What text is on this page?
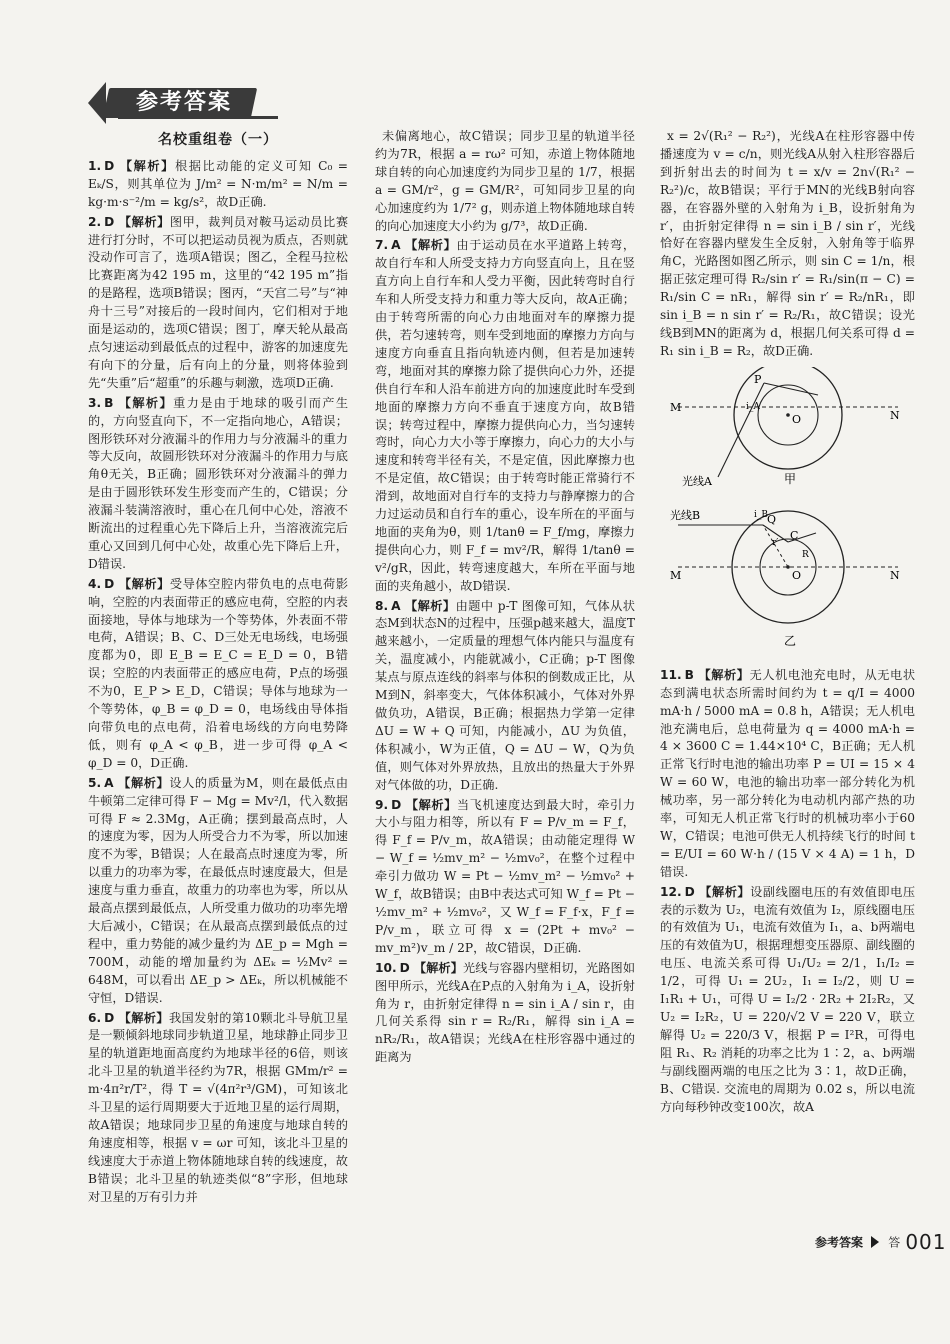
参考答案
名校重组卷（一）
1. D 【解析】根据比动能的定义可知 C₀ = Eₖ/S，则其单位为 J/m² = N·m/m² = N/m = kg·m·s⁻²/m = kg/s²，故D正确.
2. D 【解析】图甲，裁判员对鞍马运动员比赛进行打分时，不可以把运动员视为质点，否则就没动作可言了，选项A错误；图乙，全程马拉松比赛距离为42 195 m，这里的“42 195 m”指的是路程，选项B错误；图丙，“天宫二号”与“神舟十三号”对接后的一段时间内，它们相对于地面是运动的，选项C错误；图丁，摩天轮从最高点匀速运动到最低点的过程中，游客的加速度先有向下的分量，后有向上的分量，则将体验到先“失重”后“超重”的乐趣与刺激，选项D正确.
3. B 【解析】重力是由于地球的吸引而产生的，方向竖直向下，不一定指向地心，A错误；图形铁环对分液漏斗的作用力与分液漏斗的重力等大反向，故圆形铁环对分液漏斗的作用力与底角θ无关，B正确；圆形铁环对分液漏斗的弹力是由于圆形铁环发生形变而产生的，C错误；分液漏斗装满溶液时，重心在几何中心处，溶液不断流出的过程重心先下降后上升，当溶液流完后重心又回到几何中心处，故重心先下降后上升，D错误.
4. D 【解析】受导体空腔内带负电的点电荷影响，空腔的内表面带正的感应电荷，空腔的内表面接地，导体与地球为一个等势体，外表面不带电荷，A错误；B、C、D三处无电场线，电场强度都为0，即 E_B = E_C = E_D = 0，B错误；空腔的内表面带正的感应电荷，P点的场强不为0，E_P > E_D，C错误；导体与地球为一个等势体，φ_B = φ_D = 0，电场线由导体指向带负电的点电荷，沿着电场线的方向电势降低，则有 φ_A < φ_B，进一步可得 φ_A < φ_D = 0，D正确.
5. A 【解析】设人的质量为M，则在最低点由牛顿第二定律可得 F − Mg = Mv²/l，代入数据可得 F ≈ 2.3Mg，A正确；摆到最高点时，人的速度为零，因为人所受合力不为零，所以加速度不为零，B错误；人在最高点时速度为零，所以重力的功率为零，在最低点时速度最大，但是速度与重力垂直，故重力的功率也为零，所以从最高点摆到最低点，人所受重力做功的功率先增大后减小，C错误；在从最高点摆到最低点的过程中，重力势能的减少量约为 ΔE_p = Mgh = 700M，动能的增加量约为 ΔEₖ = ½Mv² = 648M，可以看出 ΔE_p > ΔEₖ，所以机械能不守恒，D错误.
6. D 【解析】我国发射的第10颗北斗导航卫星是一颗倾斜地球同步轨道卫星，地球静止同步卫星的轨道距地面高度约为地球半径的6倍，则该北斗卫星的轨道半径约为7R，根据 GMm/r² = m·4π²r/T²，得 T = √(4π²r³/GM)，可知该北斗卫星的运行周期要大于近地卫星的运行周期，故A错误；地球同步卫星的角速度与地球自转的角速度相等，根据 v = ωr 可知，该北斗卫星的线速度大于赤道上物体随地球自转的线速度，故B错误；北斗卫星的轨迹类似“8”字形，但地球对卫星的万有引力并
未偏离地心，故C错误；同步卫星的轨道半径约为7R，根据 a = rω² 可知，赤道上物体随地球自转的向心加速度约为同步卫星的 1/7，根据 a = GM/r²，g = GM/R²，可知同步卫星的向心加速度约为 1/7² g，则赤道上物体随地球自转的向心加速度大小约为 g/7³，故D正确.
7. A 【解析】由于运动员在水平道路上转弯，故自行车和人所受支持力方向竖直向上，且在竖直方向上自行车和人受力平衡，因此转弯时自行车和人所受支持力和重力等大反向，故A正确；由于转弯所需的向心力由地面对车的摩擦力提供，若匀速转弯，则车受到地面的摩擦力方向与速度方向垂直且指向轨迹内侧，但若是加速转弯，地面对其的摩擦力除了提供向心力外，还提供自行车和人沿车前进方向的加速度此时车受到地面的摩擦力方向不垂直于速度方向，故B错误；转弯过程中，摩擦力提供向心力，当匀速转弯时，向心力大小等于摩擦力，向心力的大小与速度和转弯半径有关，不是定值，因此摩擦力也不是定值，故C错误；由于转弯时能正常骑行不滑到，故地面对自行车的支持力与静摩擦力的合力过运动员和自行车的重心，设车所在的平面与地面的夹角为θ，则 1/tanθ = F_f/mg，摩擦力提供向心力，则 F_f = mv²/R，解得 1/tanθ = v²/gR，因此，转弯速度越大，车所在平面与地面的夹角越小，故D错误.
8. A 【解析】由题中 p-T 图像可知，气体从状态M到状态N的过程中，压强p越来越大，温度T越来越小，一定质量的理想气体内能只与温度有关，温度减小，内能就减小，C正确；p-T 图像某点与原点连线的斜率与体积的倒数成正比，从M到N，斜率变大，气体体积减小，气体对外界做负功，A错误，B正确；根据热力学第一定律 ΔU = W + Q 可知，内能减小，ΔU 为负值，体积减小，W为正值，Q = ΔU − W，Q为负值，则气体对外界放热，且放出的热量大于外界对气体做的功，D正确.
9. D 【解析】当飞机速度达到最大时，牵引力大小与阻力相等，所以有 F = P/v_m = F_f，得 F_f = P/v_m，故A错误；由动能定理得 W − W_f = ½mv_m² − ½mv₀²，在整个过程中牵引力做功 W = Pt − ½mv_m² − ½mv₀² + W_f，故B错误；由B中表达式可知 W_f = Pt − ½mv_m² + ½mv₀²，又 W_f = F_f·x，F_f = P/v_m，联立可得 x = (2Pt + mv₀² − mv_m²)v_m / 2P，故C错误，D正确.
10. D 【解析】光线与容器内壁相切，光路图如图甲所示，光线A在P点的入射角为 i_A，设折射角为 r，由折射定律得 n = sin i_A / sin r，由几何关系得 sin r = R₂/R₁，解得 sin i_A = nR₂/R₁，故A错误；光线A在柱形容器中通过的距离为
x = 2√(R₁² − R₂²)，光线A在柱形容器中传播速度为 v = c/n，则光线A从射入柱形容器后到折射出去的时间为 t = x/v = 2n√(R₁² − R₂²)/c，故B错误；平行于MN的光线B射向容器，在容器外壁的入射角为 i_B，设折射角为 r′，由折射定律得 n = sin i_B / sin r′，光线恰好在容器内壁发生全反射，入射角等于临界角C，光路图如图乙所示，则 sin C = 1/n，根据正弦定理可得 R₂/sin r′ = R₁/sin(π − C) = R₁/sin C = nR₁，解得 sin r′ = R₂/nR₁，即 sin i_B = n sin r′ = R₂/R₁，故C错误；设光线B到MN的距离为 d，根据几何关系可得 d = R₁ sin i_B = R₂，故D正确.
M
N
P
O
i_A
光线A	甲
光线B	i_B Q
C
r′
R
M	N
O
乙
11. B 【解析】无人机电池充电时，从无电状态到满电状态所需时间约为 t = q/I = 4000 mA·h / 5000 mA = 0.8 h，A错误；无人机电池充满电后，总电荷量为 q = 4000 mA·h = 4 × 3600 C = 1.44×10⁴ C，B正确；无人机正常飞行时电池的输出功率 P = UI = 15 × 4 W = 60 W，电池的输出功率一部分转化为机械功率，另一部分转化为电动机内部产热的功率，可知无人机正常飞行时的机械功率小于60 W，C错误；电池可供无人机持续飞行的时间 t = E/UI = 60 W·h / (15 V × 4 A) = 1 h，D错误.
12. D 【解析】设副线圈电压的有效值即电压表的示数为 U₂，电流有效值为 I₂，原线圈电压的有效值为 U₁，电流有效值为 I₁，a、b两端电压的有效值为U，根据理想变压器原、副线圈的电压、电流关系可得 U₁/U₂ = 2/1，I₁/I₂ = 1/2，可得 U₁ = 2U₂，I₁ = I₂/2，则 U = I₁R₁ + U₁，可得 U = I₂/2 · 2R₂ + 2I₂R₂，又 U₂ = I₂R₂，U = 220/√2 V = 220 V，联立解得 U₂ = 220/3 V，根据 P = I²R，可得电阻 R₁、R₂ 消耗的功率之比为 1∶2，a、b两端与副线圈两端的电压之比为 3∶1，故D正确，B、C错误. 交流电的周期为 0.02 s，所以电流方向每秒钟改变100次，故A
参考答案 答 001
